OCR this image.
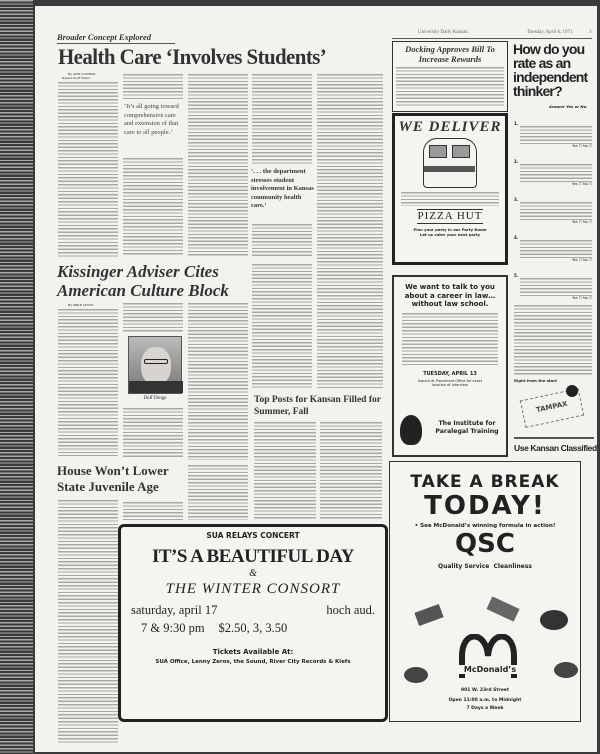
University Daily Kansan	Tuesday, April 6, 1971	3
Broader Concept Explored
Health Care ‘Involves Students’
By ANN CONNER
Kansan Staff Writer
‘It’s all going toward comprehensive care and extension of that care to all people.’
‘. . . the department stresses student involvement in Kansas community health care.’
Kissinger Adviser Cites American Culture Block
By MIKE LEWIS
Dolf Droge	Top Posts for Kansan Filled for Summer, Fall
House Won’t Lower State Juvenile Age
SUA RELAYS CONCERT
IT’S A BEAUTIFUL DAY
&
THE WINTER CONSORT
saturday, april 17	hoch aud.
7 & 9:30 pm $2.50, 3, 3.50
Tickets Available At:
SUA Office, Lenny Zeros, the Sound, River City Records & Kiefs
Docking Approves Bill To Increase Rewards
WE DELIVER
PIZZA HUT
Plan your party in our Party Room
Let us cater your next party
We want to talk to you about a career in law… without law school.
TUESDAY, APRIL 13
Inquire at Placement Office for exact location of interview
The Institute for Paralegal Training
How do you rate as an independent thinker?
Answer Yes or No.
1.
Yes ☐ No ☐
2.
Yes ☐ No ☐
3.
Yes ☐ No ☐
4.
Yes ☐ No ☐
5.
Yes ☐ No ☐
Right from the start
TAMPAX
Use Kansan Classified
TAKE A BREAK
TODAY!
• See McDonald’s winning formula in action!
QSC
Quality Service  Cleanliness
McDonald’s
901 W. 23rd Street
Open 11:00 a.m. to Midnight
7 Days a Week
